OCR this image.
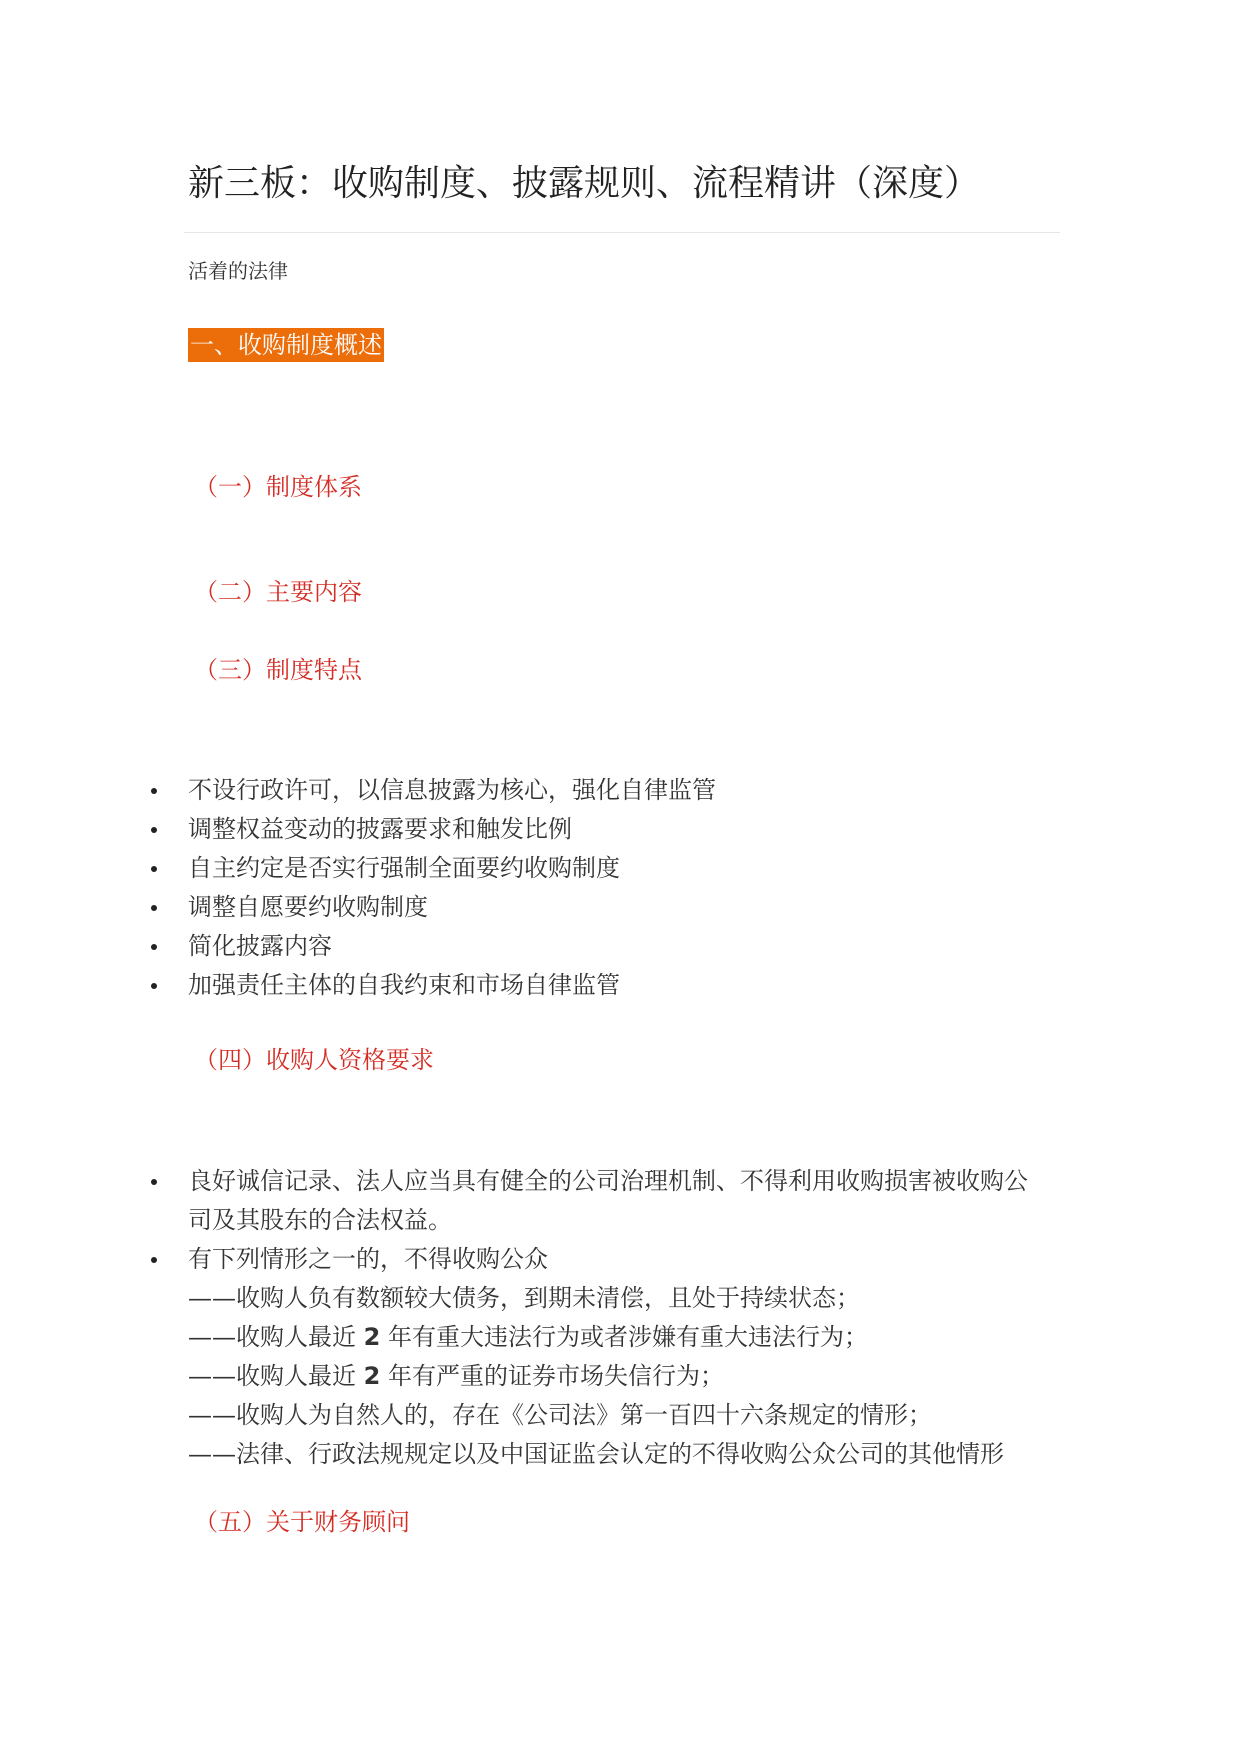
新三板：收购制度、披露规则、流程精讲（深度）
活着的法律
一、收购制度概述
（一）制度体系
（二）主要内容
（三）制度特点
不设行政许可，以信息披露为核心，强化自律监管
调整权益变动的披露要求和触发比例
自主约定是否实行强制全面要约收购制度
调整自愿要约收购制度
简化披露内容
加强责任主体的自我约束和市场自律监管
（四）收购人资格要求
良好诚信记录、法人应当具有健全的公司治理机制、不得利用收购损害被收购公
司及其股东的合法权益。
有下列情形之一的，不得收购公众
——收购人负有数额较大债务，到期未清偿，且处于持续状态；
——收购人最近 2 年有重大违法行为或者涉嫌有重大违法行为；
——收购人最近 2 年有严重的证券市场失信行为；
——收购人为自然人的，存在《公司法》第一百四十六条规定的情形；
——法律、行政法规规定以及中国证监会认定的不得收购公众公司的其他情形
（五）关于财务顾问
